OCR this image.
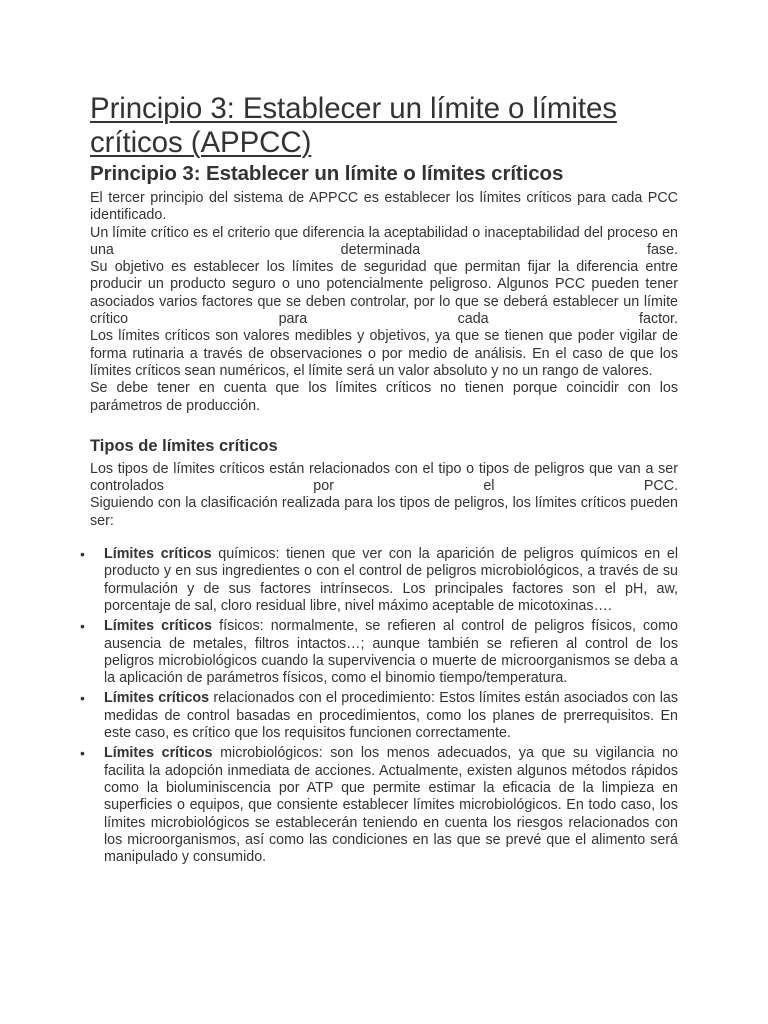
Principio 3: Establecer un límite o límites críticos (APPCC)
Principio 3: Establecer un límite o límites críticos

El tercer principio del sistema de APPCC es establecer los límites críticos para cada PCC identificado.

Un límite crítico es el criterio que diferencia la aceptabilidad o inaceptabilidad del proceso en una determinada fase.

Su objetivo es establecer los límites de seguridad que permitan fijar la diferencia entre producir un producto seguro o uno potencialmente peligroso. Algunos PCC pueden tener asociados varios factores que se deben controlar, por lo que se deberá establecer un límite crítico para cada factor.

Los límites críticos son valores medibles y objetivos, ya que se tienen que poder vigilar de forma rutinaria a través de observaciones o por medio de análisis. En el caso de que los límites críticos sean numéricos, el límite será un valor absoluto y no un rango de valores.

Se debe tener en cuenta que los límites críticos no tienen porque coincidir con los parámetros de producción.

Tipos de límites críticos

Los tipos de límites críticos están relacionados con el tipo o tipos de peligros que van a ser controlados por el PCC.

Siguiendo con la clasificación realizada para los tipos de peligros, los límites críticos pueden ser:

• Límites críticos químicos: tienen que ver con la aparición de peligros químicos en el producto y en sus ingredientes o con el control de peligros microbiológicos, a través de su formulación y de sus factores intrínsecos. Los principales factores son el pH, aw, porcentaje de sal, cloro residual libre, nivel máximo aceptable de micotoxinas….
• Límites críticos físicos: normalmente, se refieren al control de peligros físicos, como ausencia de metales, filtros intactos…; aunque también se refieren al control de los peligros microbiológicos cuando la supervivencia o muerte de microorganismos se deba a la aplicación de parámetros físicos, como el binomio tiempo/temperatura.
• Límites críticos relacionados con el procedimiento: Estos límites están asociados con las medidas de control basadas en procedimientos, como los planes de prerrequisitos. En este caso, es crítico que los requisitos funcionen correctamente.
• Límites críticos microbiológicos: son los menos adecuados, ya que su vigilancia no facilita la adopción inmediata de acciones. Actualmente, existen algunos métodos rápidos como la bioluminiscencia por ATP que permite estimar la eficacia de la limpieza en superficies o equipos, que consiente establecer límites microbiológicos. En todo caso, los límites microbiológicos se establecerán teniendo en cuenta los riesgos relacionados con los microorganismos, así como las condiciones en las que se prevé que el alimento será manipulado y consumido.
